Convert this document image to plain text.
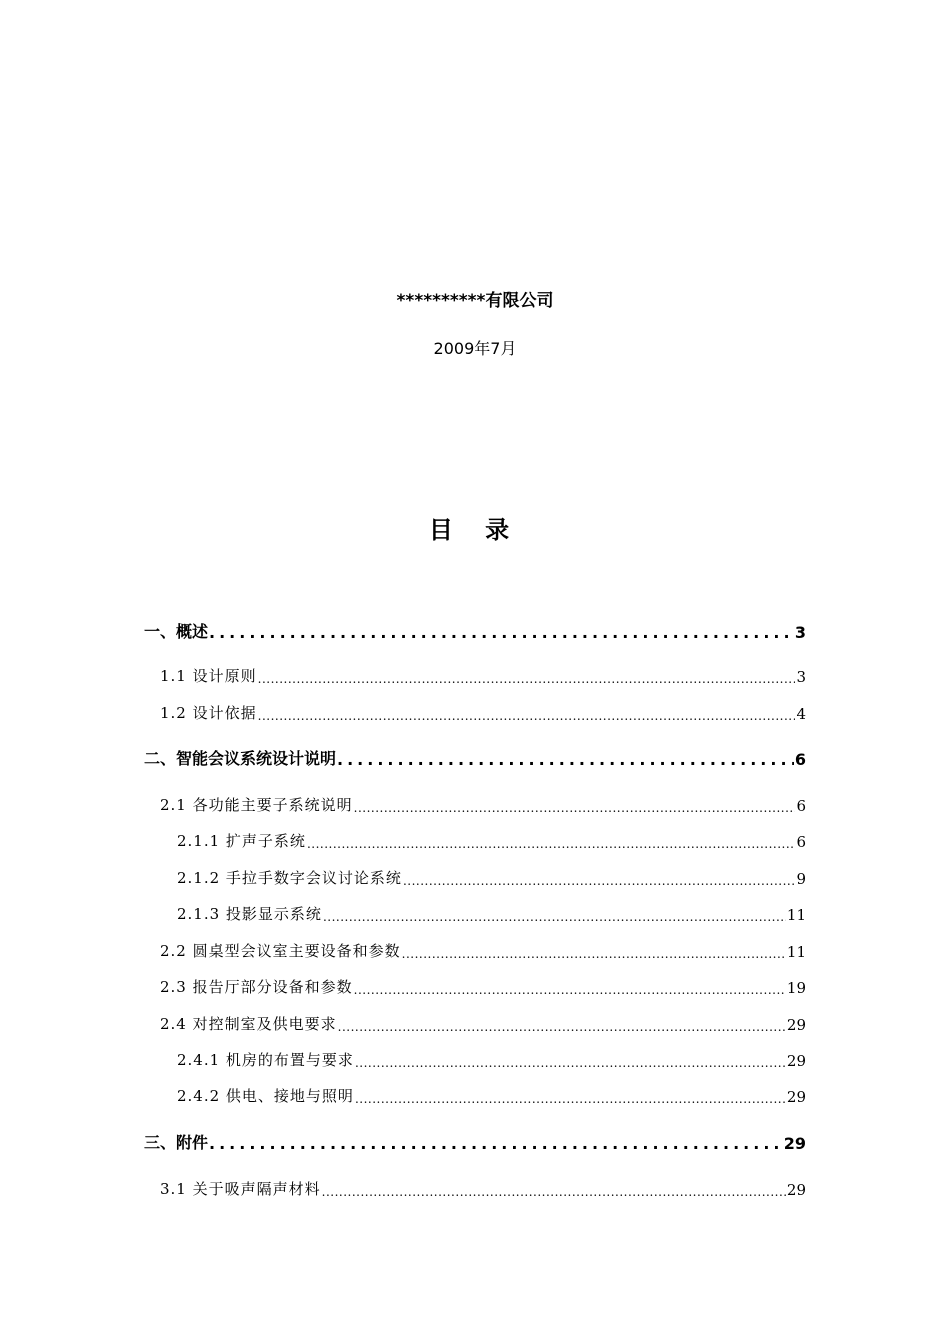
**********有限公司
2009年7月
目 录
一、概述 .....	3
1.1 设计原则 .....	3
1.2 设计依据 .....	4
二、智能会议系统设计说明 .....	6
2.1 各功能主要子系统说明 .....	6
2.1.1 扩声子系统 .....	6
2.1.2 手拉手数字会议讨论系统 .....	9
2.1.3 投影显示系统 .....	11
2.2 圆桌型会议室主要设备和参数 .....	11
2.3 报告厅部分设备和参数 .....	19
2.4 对控制室及供电要求 .....	29
2.4.1 机房的布置与要求 .....	29
2.4.2 供电、接地与照明 .....	29
三、附件 .....	29
3.1 关于吸声隔声材料 .....	29
